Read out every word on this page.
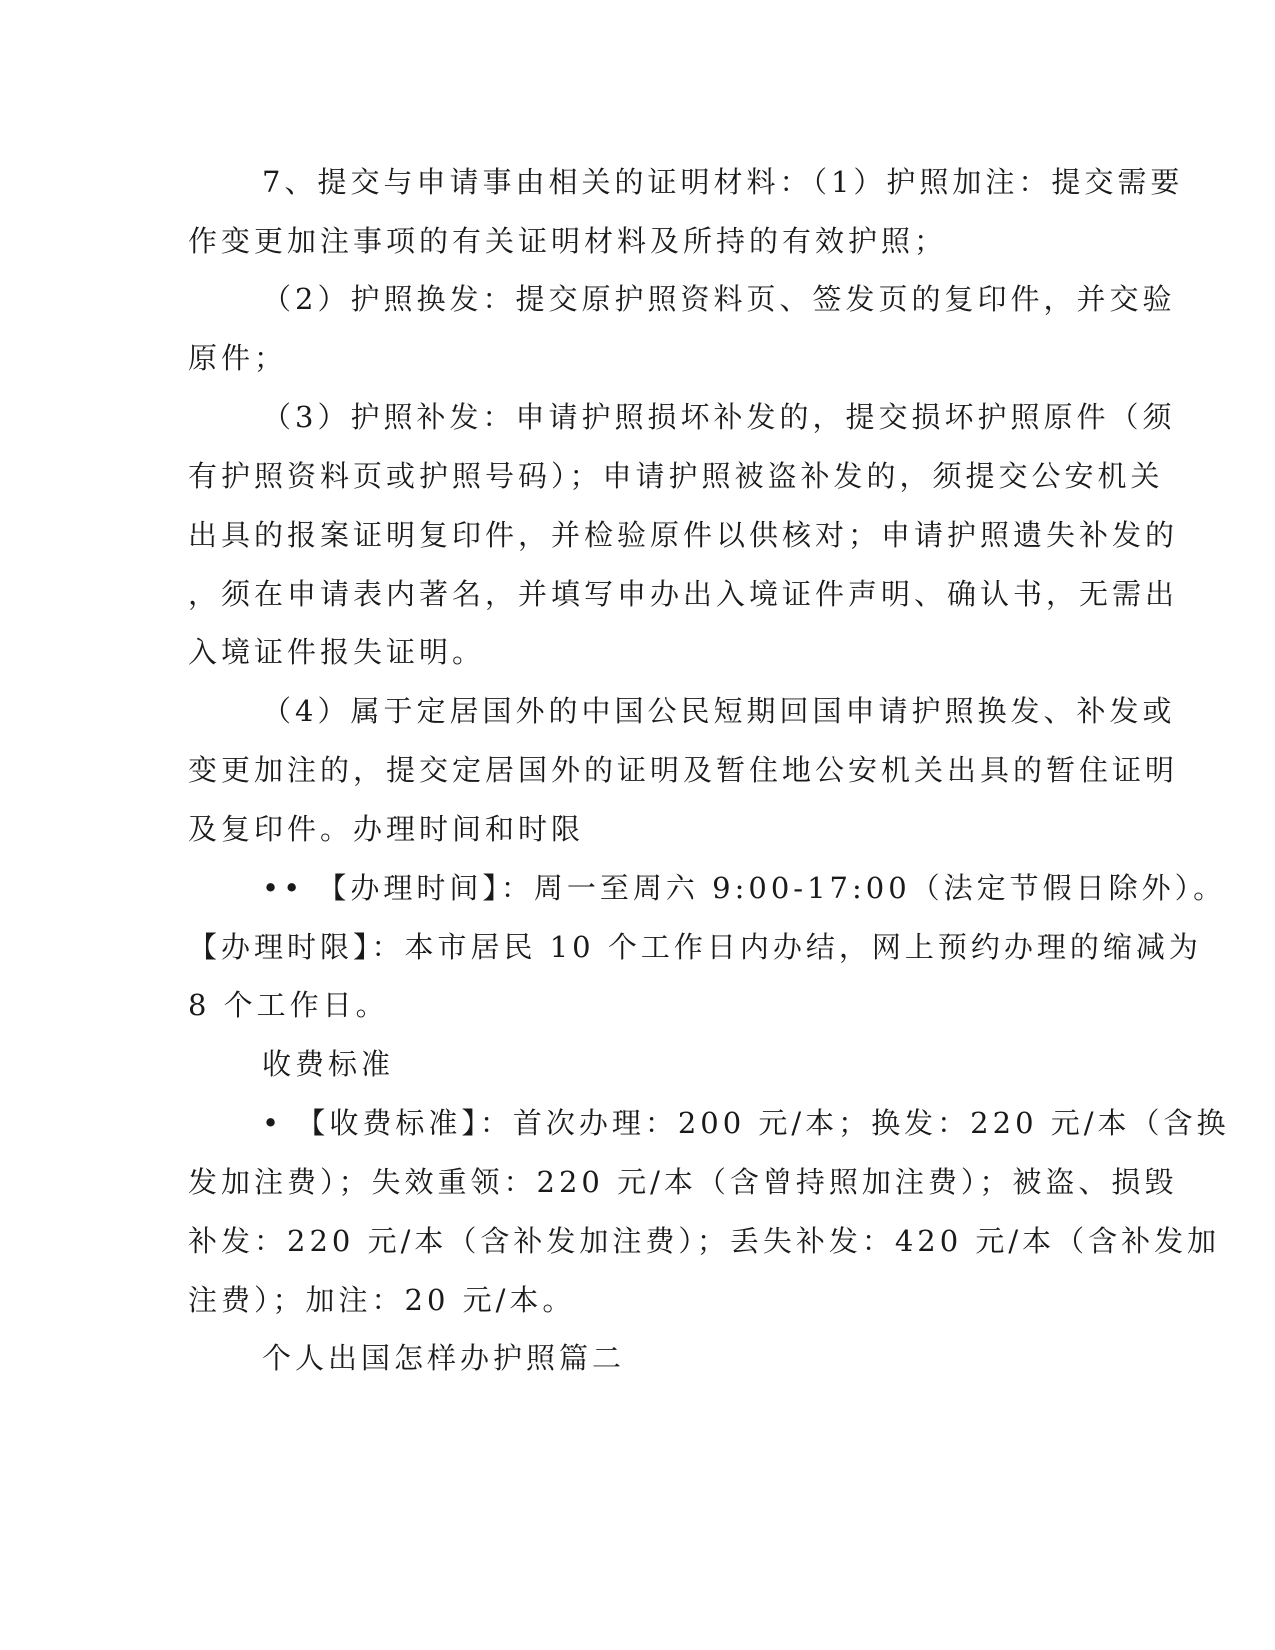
7、提交与申请事由相关的证明材料：（1）护照加注：提交需要
作变更加注事项的有关证明材料及所持的有效护照；
（2）护照换发：提交原护照资料页、签发页的复印件，并交验
原件；
（3）护照补发：申请护照损坏补发的，提交损坏护照原件（须
有护照资料页或护照号码）；申请护照被盗补发的，须提交公安机关
出具的报案证明复印件，并检验原件以供核对；申请护照遗失补发的
，须在申请表内著名，并填写申办出入境证件声明、确认书，无需出
入境证件报失证明。
（4）属于定居国外的中国公民短期回国申请护照换发、补发或
变更加注的，提交定居国外的证明及暂住地公安机关出具的暂住证明
及复印件。办理时间和时限
•• 【办理时间】：周一至周六 9:00-17:00（法定节假日除外）。
【办理时限】：本市居民 10 个工作日内办结，网上预约办理的缩减为
8 个工作日。
收费标准
• 【收费标准】：首次办理：200 元/本；换发：220 元/本（含换
发加注费）；失效重领：220 元/本（含曾持照加注费）；被盗、损毁
补发：220 元/本（含补发加注费）；丢失补发：420 元/本（含补发加
注费）；加注：20 元/本。
个人出国怎样办护照篇二
